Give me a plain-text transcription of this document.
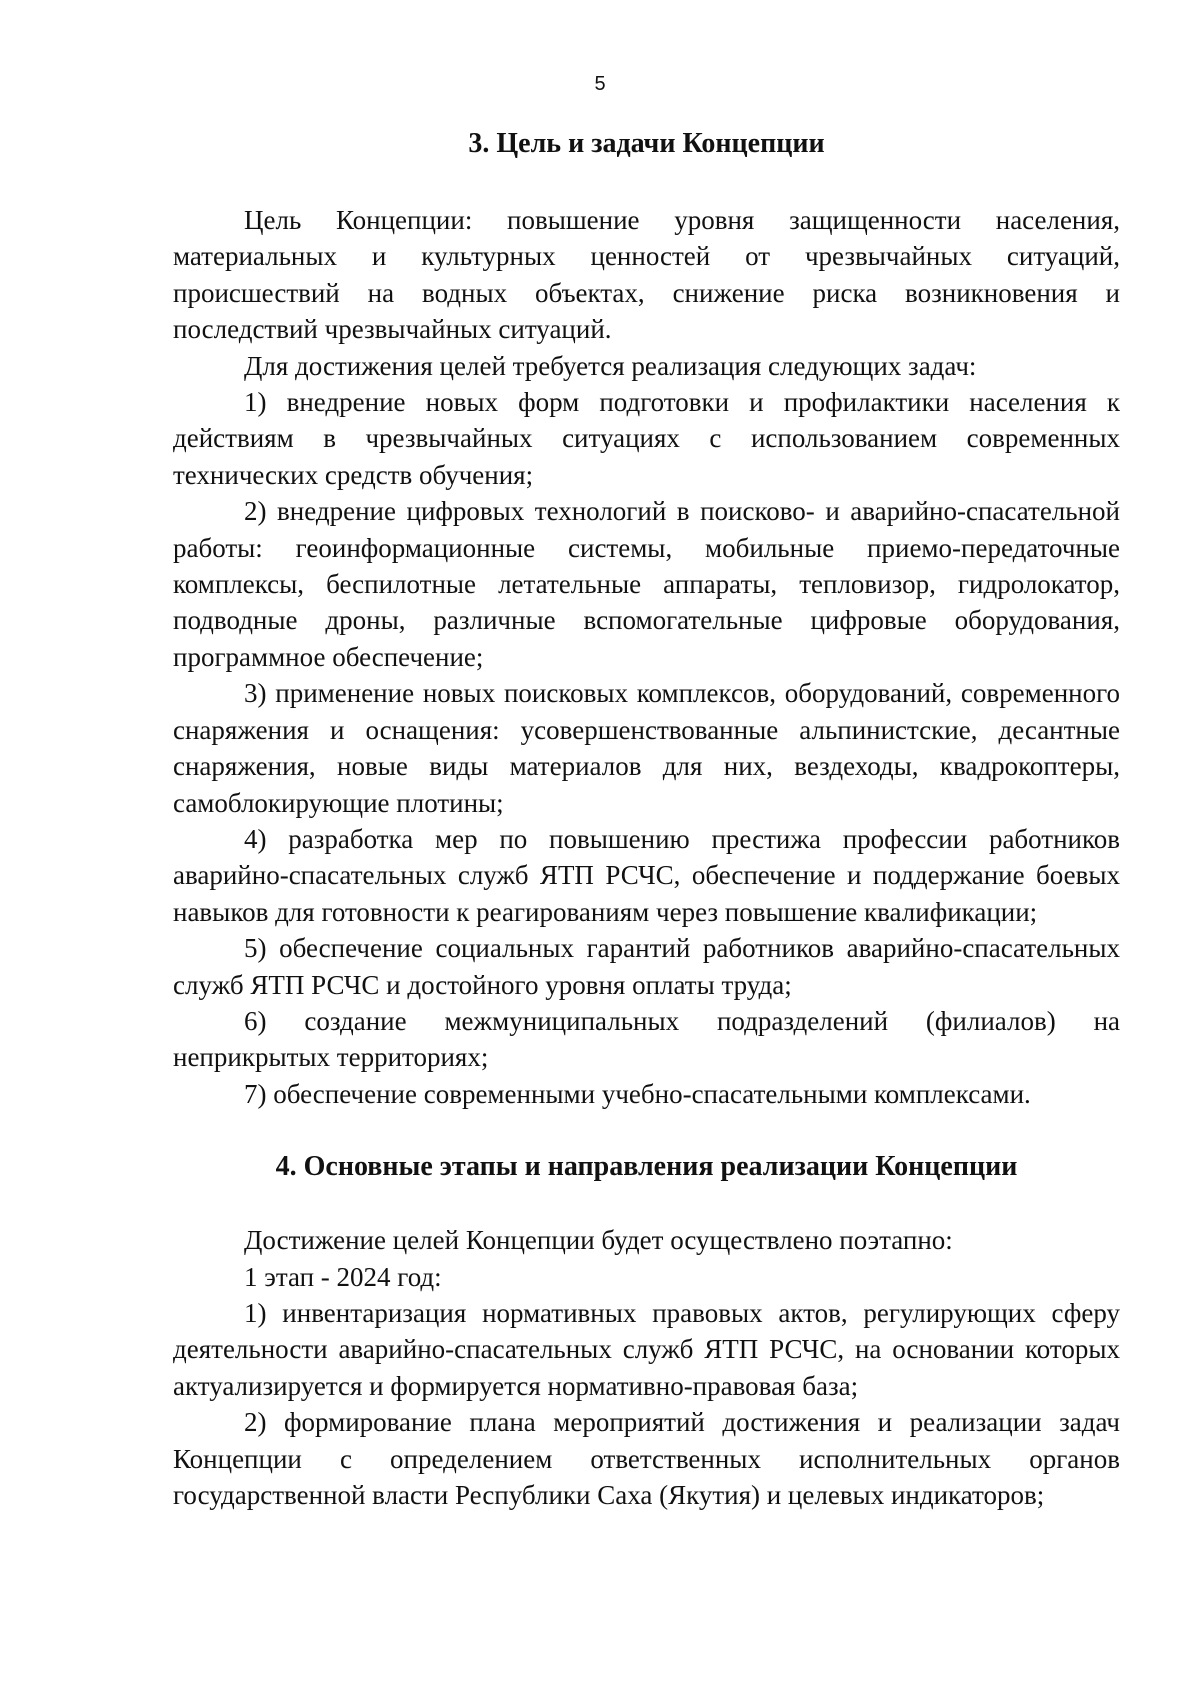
5
3. Цель и задачи Концепции

Цель Концепции: повышение уровня защищенности населения, материальных и культурных ценностей от чрезвычайных ситуаций, происшествий на водных объектах, снижение риска возникновения и последствий чрезвычайных ситуаций.

Для достижения целей требуется реализация следующих задач:

1) внедрение новых форм подготовки и профилактики населения к действиям в чрезвычайных ситуациях с использованием современных технических средств обучения;

2) внедрение цифровых технологий в поисково- и аварийно-спасательной работы: геоинформационные системы, мобильные приемо-передаточные комплексы, беспилотные летательные аппараты, тепловизор, гидролокатор, подводные дроны, различные вспомогательные цифровые оборудования, программное обеспечение;

3) применение новых поисковых комплексов, оборудований, современного снаряжения и оснащения: усовершенствованные альпинистские, десантные снаряжения, новые виды материалов для них, вездеходы, квадрокоптеры, самоблокирующие плотины;

4) разработка мер по повышению престижа профессии работников аварийно-спасательных служб ЯТП РСЧС, обеспечение и поддержание боевых навыков для готовности к реагированиям через повышение квалификации;

5) обеспечение социальных гарантий работников аварийно-спасательных служб ЯТП РСЧС и достойного уровня оплаты труда;

6) создание межмуниципальных подразделений (филиалов) на неприкрытых территориях;

7) обеспечение современными учебно-спасательными комплексами.

4. Основные этапы и направления реализации Концепции

Достижение целей Концепции будет осуществлено поэтапно:

1 этап - 2024 год:

1) инвентаризация нормативных правовых актов, регулирующих сферу деятельности аварийно-спасательных служб ЯТП РСЧС, на основании которых актуализируется и формируется нормативно-правовая база;

2) формирование плана мероприятий достижения и реализации задач Концепции с определением ответственных исполнительных органов государственной власти Республики Саха (Якутия) и целевых индикаторов;
